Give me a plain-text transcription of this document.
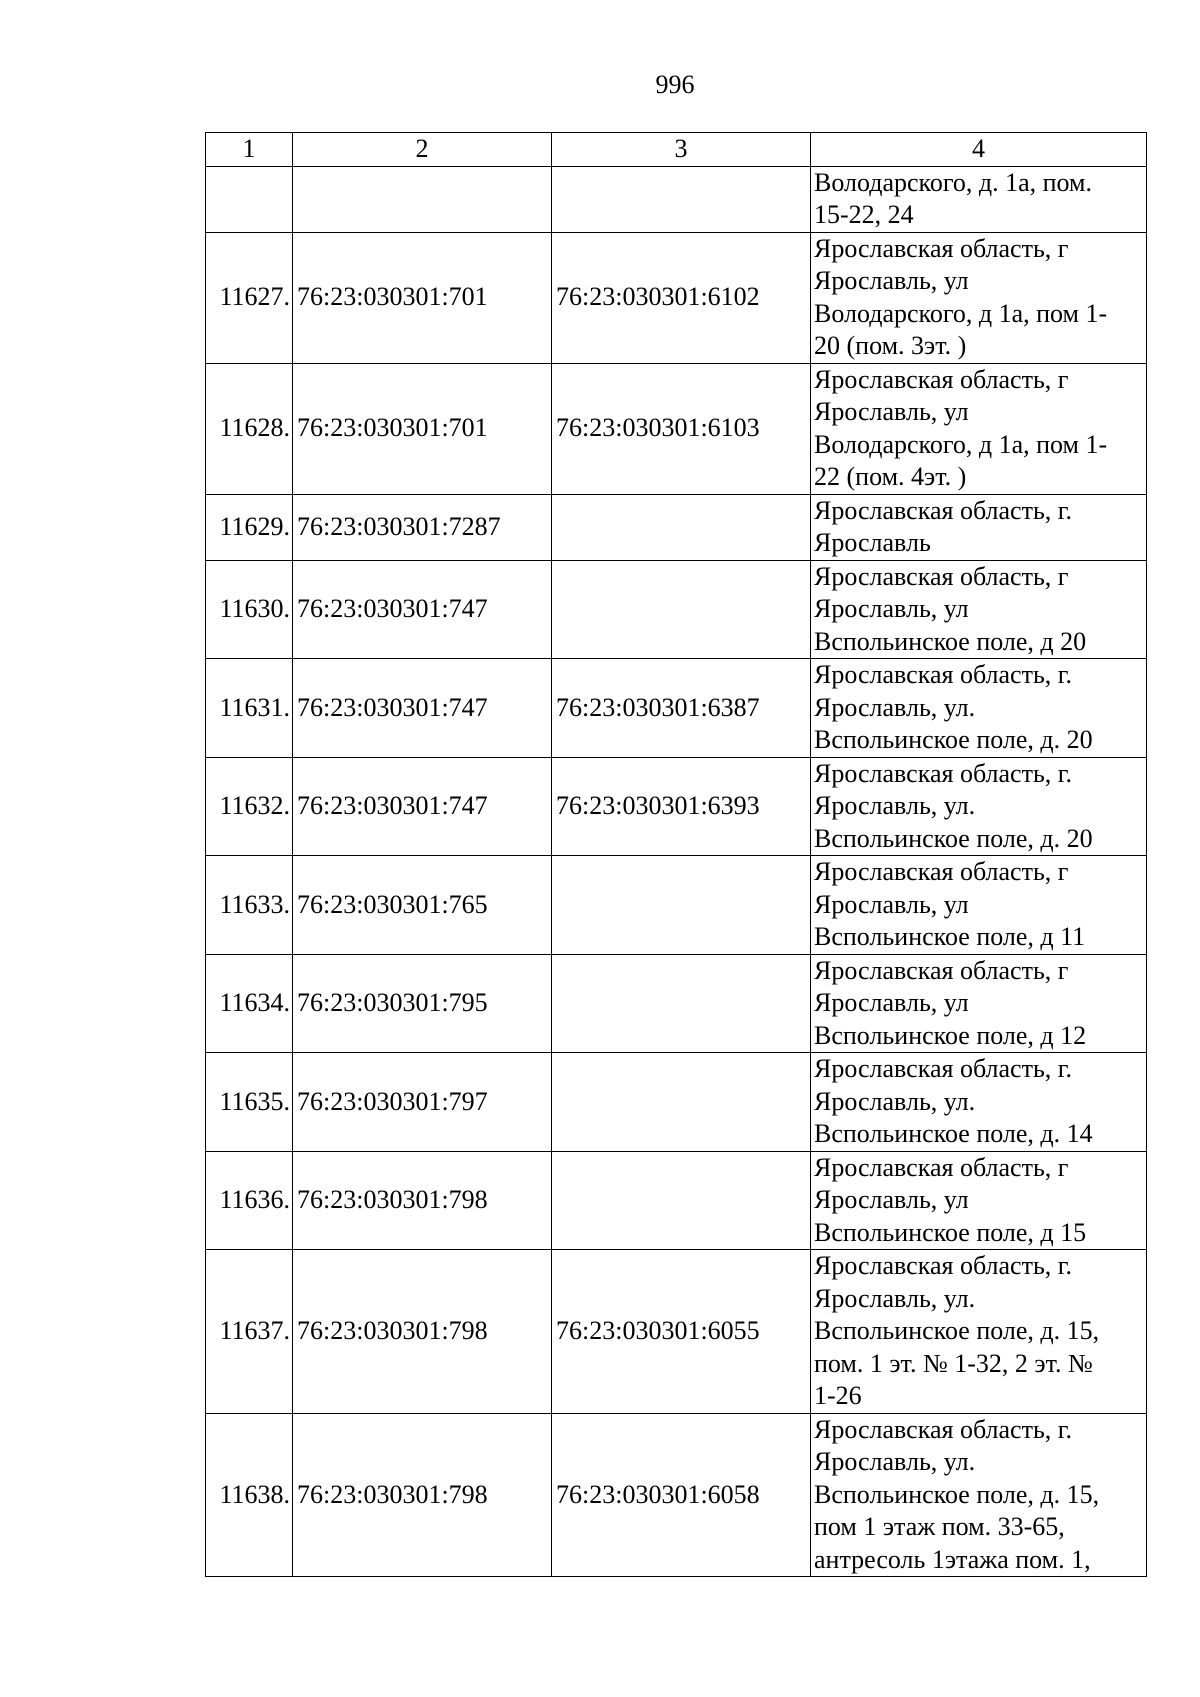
996
1	2	3	4
			Володарского, д. 1а, пом.
15-22, 24
11627.	76:23:030301:701	76:23:030301:6102	Ярославская область, г
Ярославль, ул
Володарского, д 1а, пом 1-
20 (пом. 3эт. )
11628.	76:23:030301:701	76:23:030301:6103	Ярославская область, г
Ярославль, ул
Володарского, д 1а, пом 1-
22 (пом. 4эт. )
11629.	76:23:030301:7287		Ярославская область, г.
Ярославль
11630.	76:23:030301:747		Ярославская область, г
Ярославль, ул
Вспольинское поле, д 20
11631.	76:23:030301:747	76:23:030301:6387	Ярославская область, г.
Ярославль, ул.
Вспольинское поле, д. 20
11632.	76:23:030301:747	76:23:030301:6393	Ярославская область, г.
Ярославль, ул.
Вспольинское поле, д. 20
11633.	76:23:030301:765		Ярославская область, г
Ярославль, ул
Вспольинское поле, д 11
11634.	76:23:030301:795		Ярославская область, г
Ярославль, ул
Вспольинское поле, д 12
11635.	76:23:030301:797		Ярославская область, г.
Ярославль, ул.
Вспольинское поле, д. 14
11636.	76:23:030301:798		Ярославская область, г
Ярославль, ул
Вспольинское поле, д 15
11637.	76:23:030301:798	76:23:030301:6055	Ярославская область, г.
Ярославль, ул.
Вспольинское поле, д. 15,
пом. 1 эт. № 1-32, 2 эт. №
1-26
11638.	76:23:030301:798	76:23:030301:6058	Ярославская область, г.
Ярославль, ул.
Вспольинское поле, д. 15,
пом 1 этаж пом. 33-65,
антресоль 1этажа пом. 1,
